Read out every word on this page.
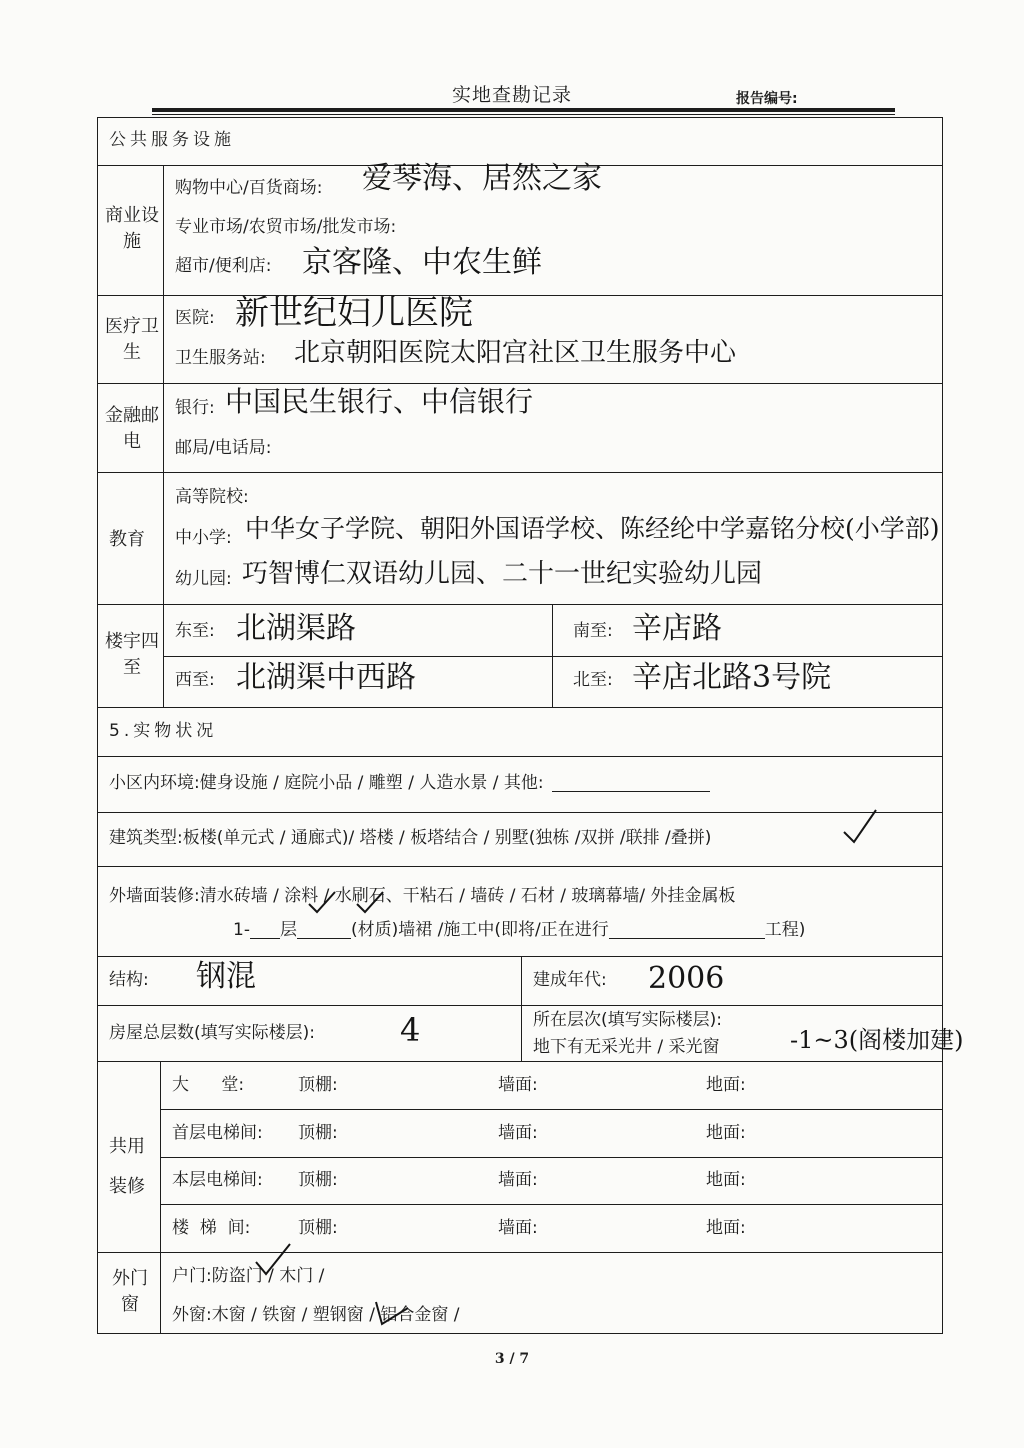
实地查勘记录	报告编号:
公共服务设施
商业设施
购物中心/百货商场: 爱琴海、居然之家
专业市场/农贸市场/批发市场:
超市/便利店: 京客隆、中农生鲜
医疗卫生
医院: 新世纪妇儿医院
卫生服务站: 北京朝阳医院太阳宫社区卫生服务中心
金融邮电
银行: 中国民生银行、中信银行
邮局/电话局:
教育
高等院校:
中小学: 中华女子学院、朝阳外国语学校、陈经纶中学嘉铭分校(小学部)
幼儿园: 巧智博仁双语幼儿园、二十一世纪实验幼儿园
楼宇四至
东至: 北湖渠路	南至: 辛店路
西至: 北湖渠中西路	北至: 辛店北路3号院
5.实物状况
小区内环境:健身设施 / 庭院小品 / 雕塑 / 人造水景 / 其他:
建筑类型:板楼(单元式 / 通廊式)/ 塔楼 / 板塔结合 / 别墅(独栋 /双拼 /联排 /叠拼)
外墙面装修:清水砖墙 / 涂料 / 水刷石、干粘石 / 墙砖 / 石材 / 玻璃幕墙/ 外挂金属板
1- 层	(材质)墙裙 /施工中(即将/正在进行	工程)
结构: 钢混	建成年代: 2006
房屋总层数(填写实际楼层):	4	所在层次(填写实际楼层):
地下有无采光井 / 采光窗	-1~3(阁楼加建)
共用装修
大      堂:	顶棚:	墙面:	地面:
首层电梯间: 顶棚:	墙面:	地面:
本层电梯间: 顶棚:	墙面:	地面:
楼  梯  间:	顶棚:	墙面:	地面:
外门窗
户门:防盗门 / 木门 /
外窗:木窗 / 铁窗 / 塑钢窗 / 铝合金窗 /
3 / 7
